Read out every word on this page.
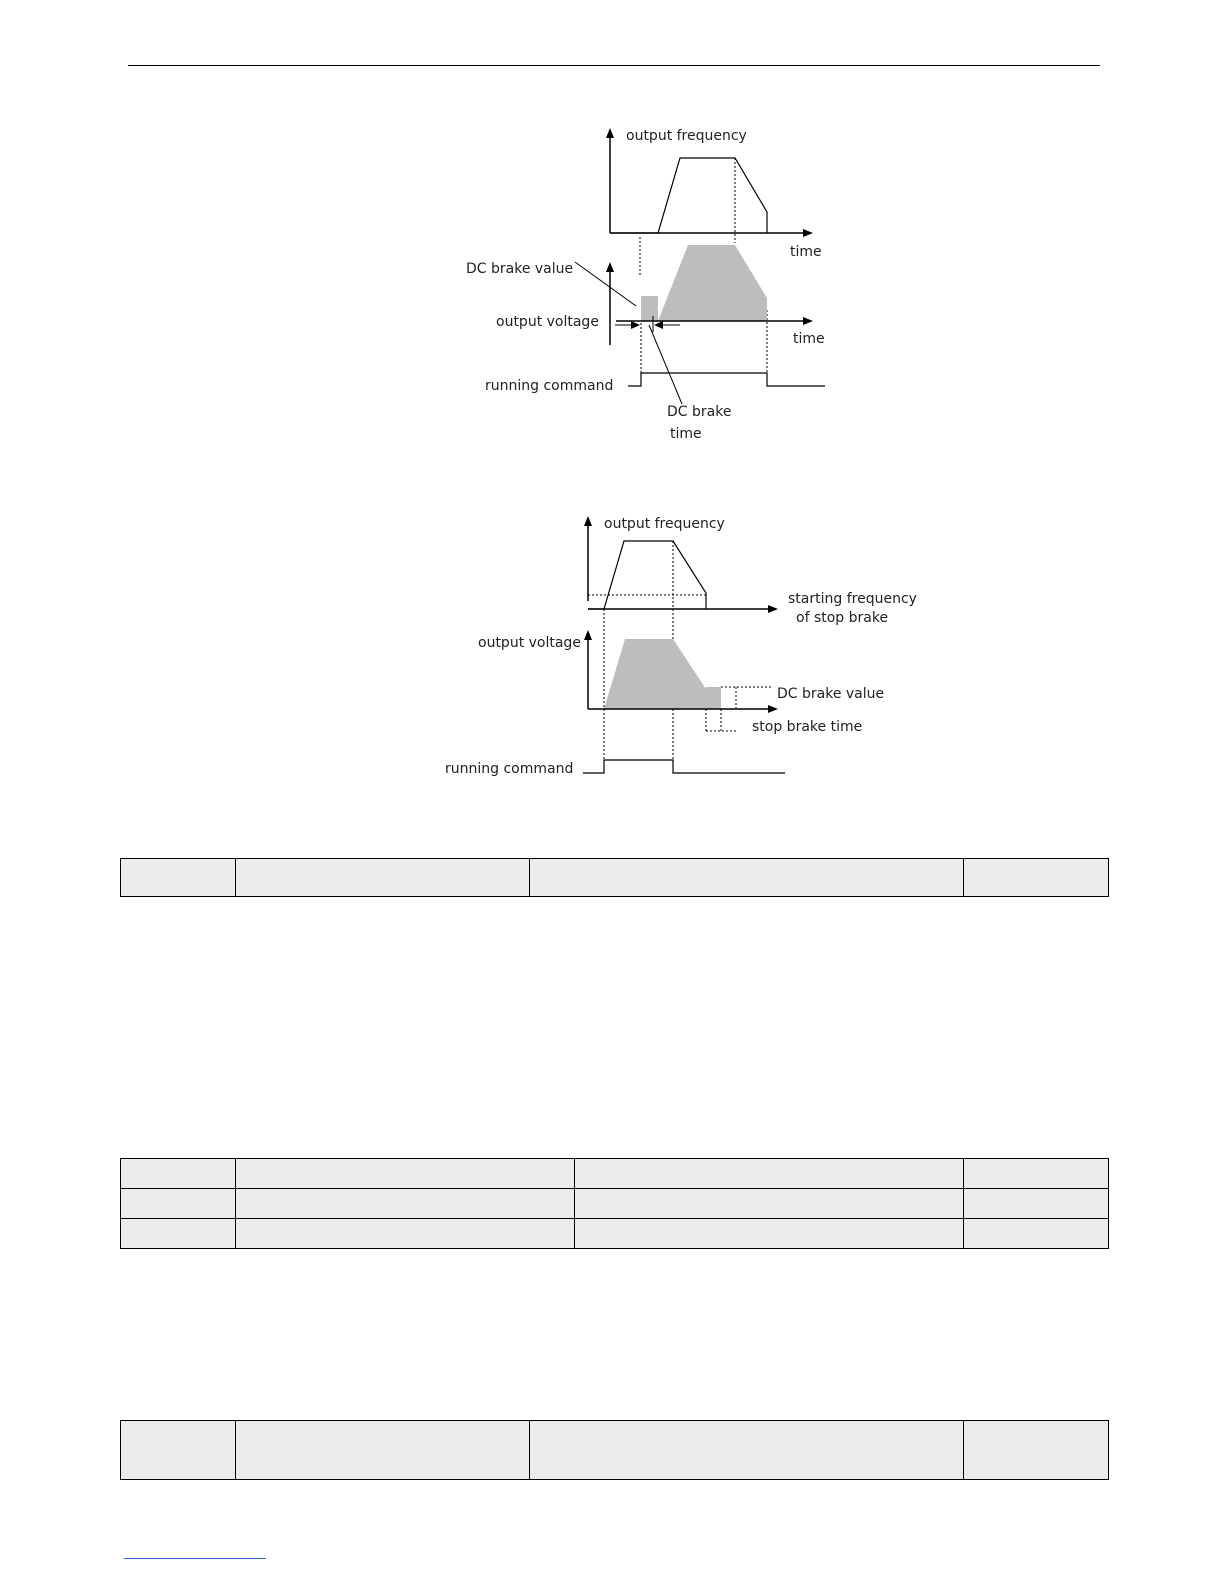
output frequency
time
DC brake value
output voltage
time
DC brake
time
running command
output frequency
starting frequency
of stop brake
output voltage
DC brake value
stop brake time
running command
